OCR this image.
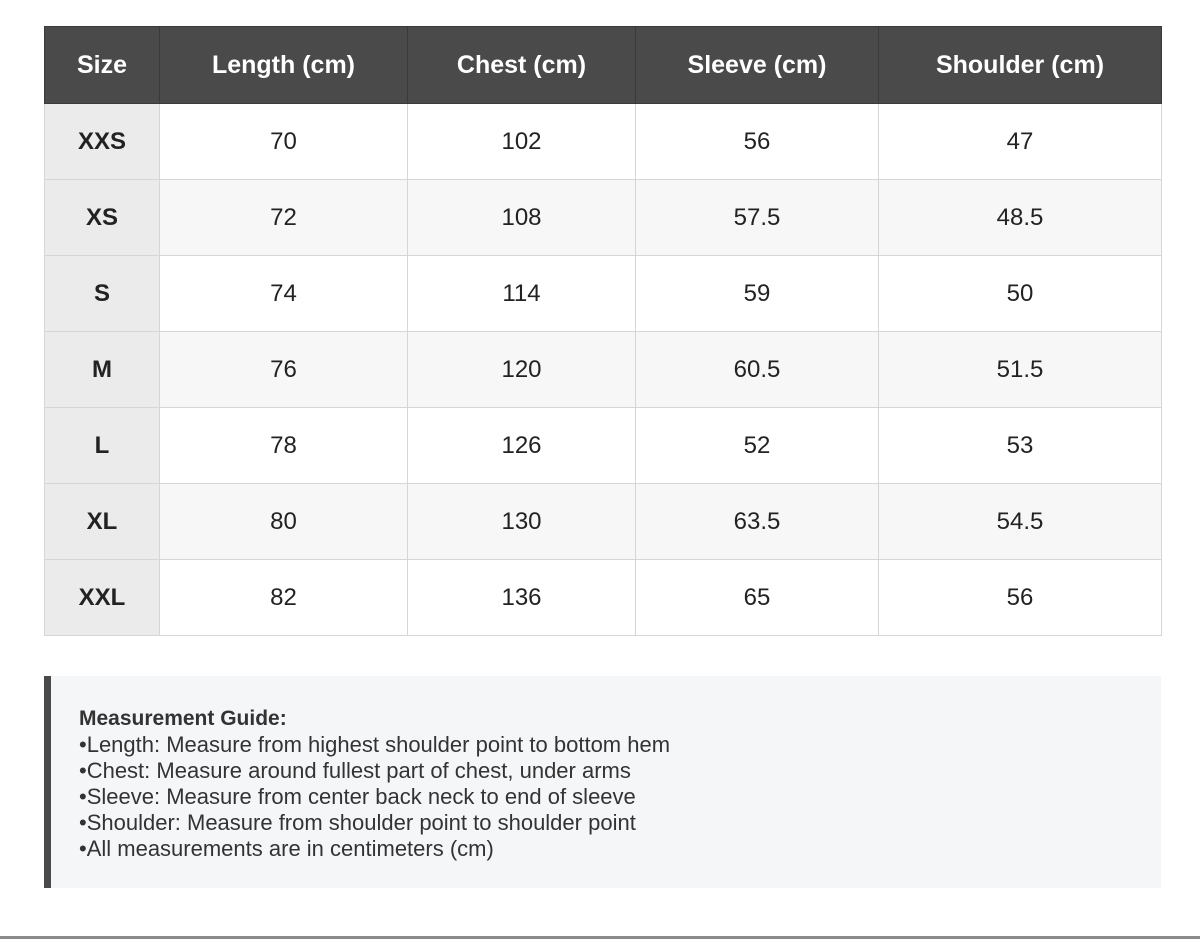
Size	Length (cm)	Chest (cm)	Sleeve (cm)	Shoulder (cm)
XXS	70	102	56	47
XS	72	108	57.5	48.5
S	74	114	59	50
M	76	120	60.5	51.5
L	78	126	52	53
XL	80	130	63.5	54.5
XXL	82	136	65	56
Measurement Guide:
• Length: Measure from highest shoulder point to bottom hem
• Chest: Measure around fullest part of chest, under arms
• Sleeve: Measure from center back neck to end of sleeve
• Shoulder: Measure from shoulder point to shoulder point
• All measurements are in centimeters (cm)
